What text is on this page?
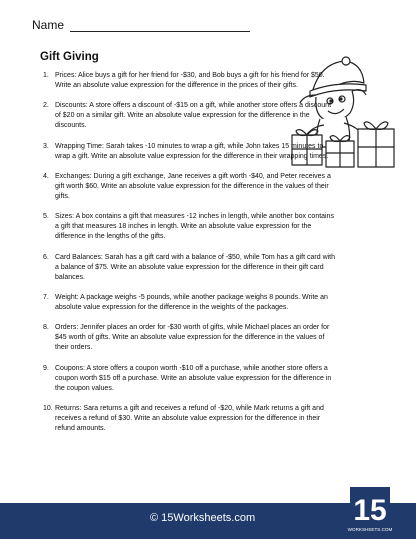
Name
Gift Giving
1. Prices: Alice buys a gift for her friend for -$30, and Bob buys a gift for his friend for $50. Write an absolute value expression for the difference in the prices of their gifts.
2. Discounts: A store offers a discount of -$15 on a gift, while another store offers a discount of $20 on a similar gift. Write an absolute value expression for the difference in the discounts.
3. Wrapping Time: Sarah takes -10 minutes to wrap a gift, while John takes 15 minutes to wrap a gift. Write an absolute value expression for the difference in their wrapping times.
4. Exchanges: During a gift exchange, Jane receives a gift worth -$40, and Peter receives a gift worth $60. Write an absolute value expression for the difference in the values of their gifts.
5. Sizes: A box contains a gift that measures -12 inches in length, while another box contains a gift that measures 18 inches in length. Write an absolute value expression for the difference in the lengths of the gifts.
6. Card Balances: Sarah has a gift card with a balance of -$50, while Tom has a gift card with a balance of $75. Write an absolute value expression for the difference in their gift card balances.
7. Weight: A package weighs -5 pounds, while another package weighs 8 pounds. Write an absolute value expression for the difference in the weights of the packages.
8. Orders: Jennifer places an order for -$30 worth of gifts, while Michael places an order for $45 worth of gifts. Write an absolute value expression for the difference in the values of their orders.
9. Coupons: A store offers a coupon worth -$10 off a purchase, while another store offers a coupon worth $15 off a purchase. Write an absolute value expression for the difference in the coupon values.
10. Returns: Sara returns a gift and receives a refund of -$20, while Mark returns a gift and receives a refund of $30. Write an absolute value expression for the difference in their refund amounts.
© 15Worksheets.com	15
WORKSHEETS.COM
